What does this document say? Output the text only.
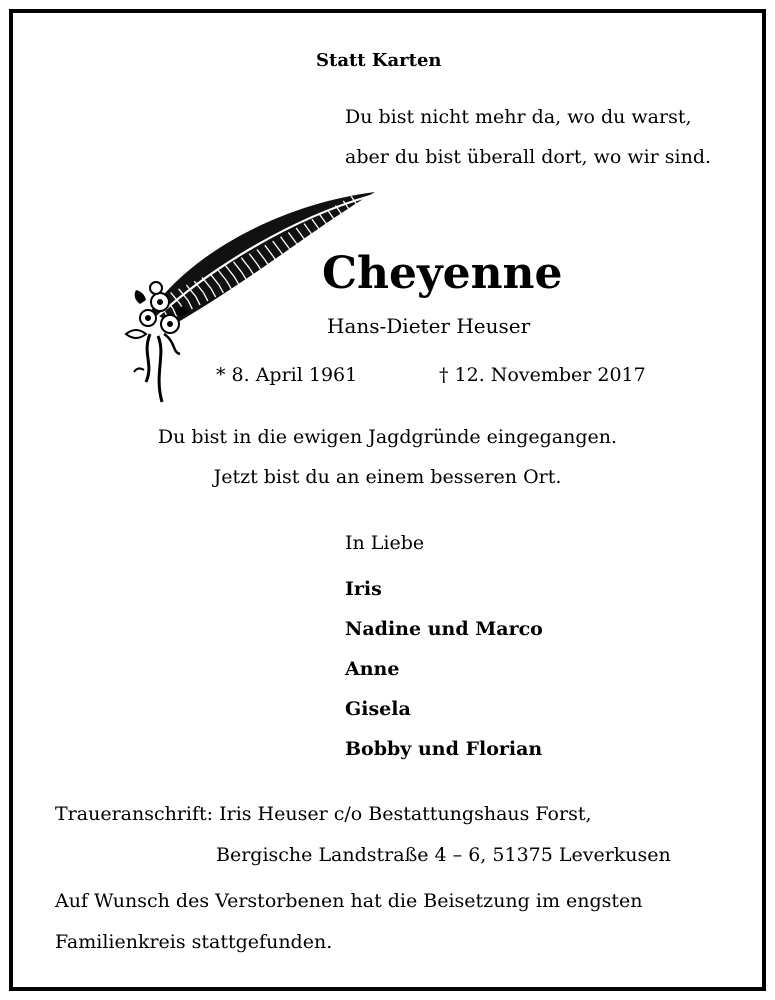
Statt Karten
Du bist nicht mehr da, wo du warst,
aber du bist überall dort, wo wir sind.
Cheyenne
Hans-Dieter Heuser
* 8. April 1961	† 12. November 2017
Du bist in die ewigen Jagdgründe eingegangen.
Jetzt bist du an einem besseren Ort.
In Liebe
Iris
Nadine und Marco
Anne
Gisela
Bobby und Florian
Traueranschrift: Iris Heuser c/o Bestattungshaus Forst,
Bergische Landstraße 4 – 6, 51375 Leverkusen
Auf Wunsch des Verstorbenen hat die Beisetzung im engsten
Familienkreis stattgefunden.
